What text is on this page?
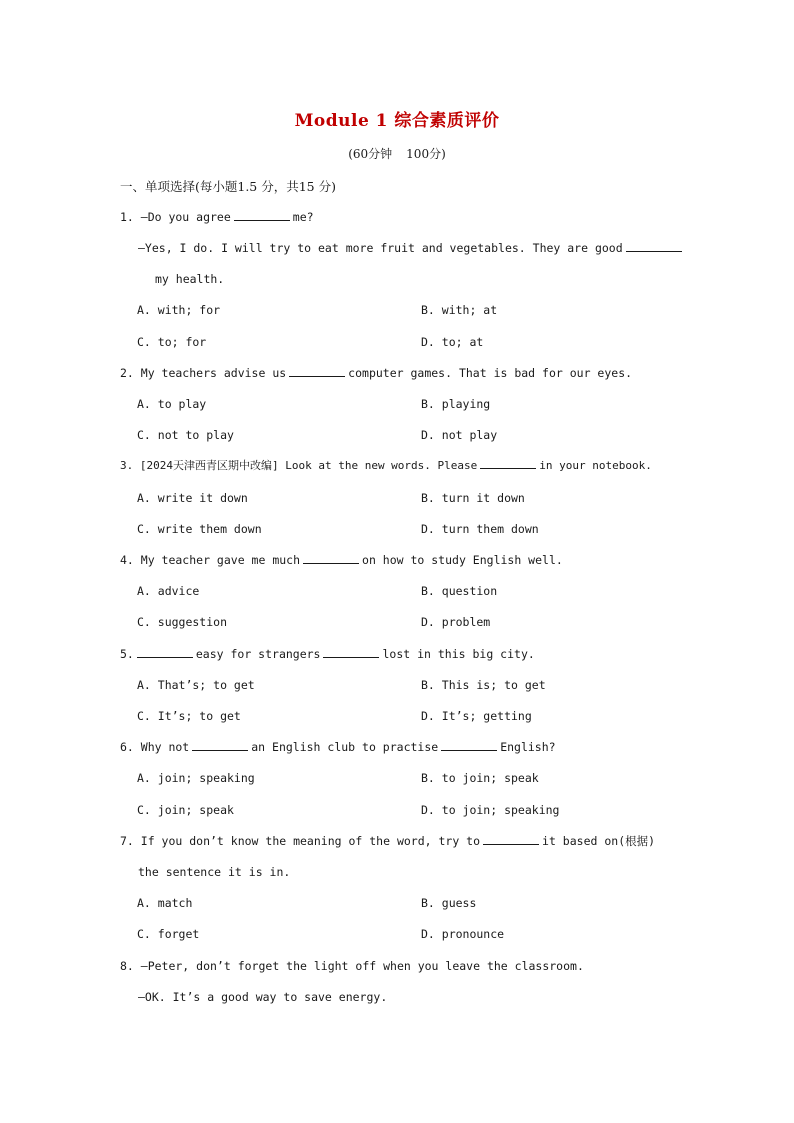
Module 1 综合素质评价
(60分钟 100分)
一、单项选择(每小题1.5 分，共15 分)
1. —Do you agree	me?
—Yes, I do. I will try to eat more fruit and vegetables. They are good
my health.
A. with; for	B. with; at
C. to; for	D. to; at
2. My teachers advise us	computer games. That is bad for our eyes.
A. to play	B. playing
C. not to play	D. not play
3. [2024天津西青区期中改编] Look at the new words. Please	in your notebook.
A. write it down	B. turn it down
C. write them down	D. turn them down
4. My teacher gave me much	on how to study English well.
A. advice	B. question
C. suggestion	D. problem
5.	easy for strangers	lost in this big city.
A. That’s; to get	B. This is; to get
C. It’s; to get	D. It’s; getting
6. Why not	an English club to practise	English?
A. join; speaking	B. to join; speak
C. join; speak	D. to join; speaking
7. If you don’t know the meaning of the word, try to	it based on(根据)
the sentence it is in.
A. match	B. guess
C. forget	D. pronounce
8. —Peter, don’t forget the light off when you leave the classroom.
—OK. It’s a good way to save energy.
